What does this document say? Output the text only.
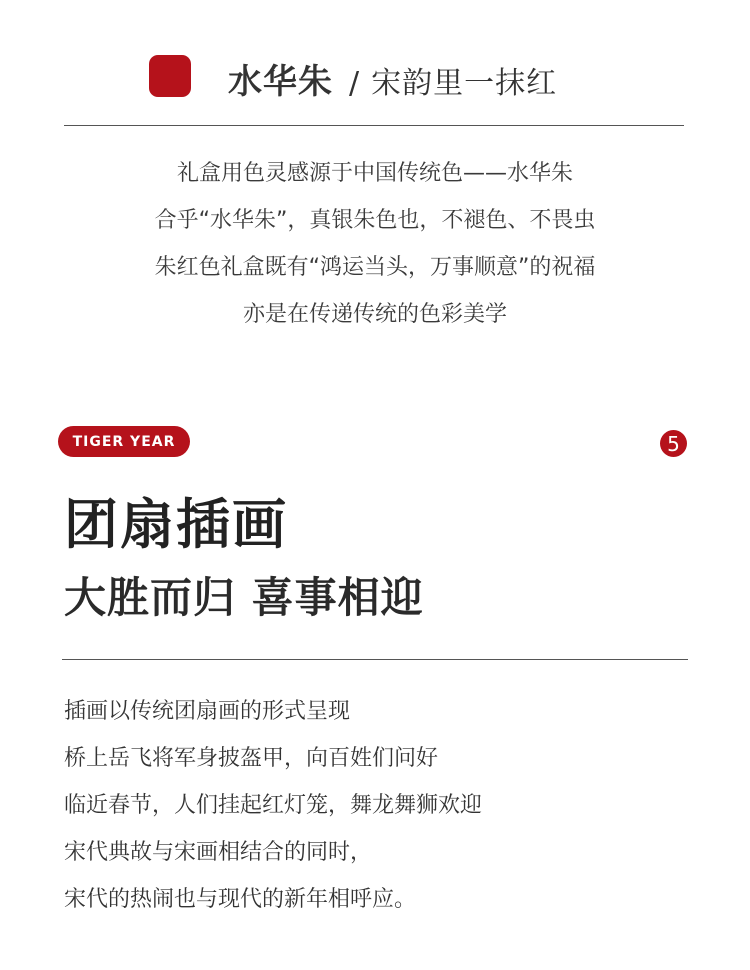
水华朱 / 宋韵里一抹红
礼盒用色灵感源于中国传统色——水华朱
合乎“水华朱”，真银朱色也，不褪色、不畏虫
朱红色礼盒既有“鸿运当头，万事顺意”的祝福
亦是在传递传统的色彩美学
TIGER YEAR	5
团扇插画
大胜而归 喜事相迎
插画以传统团扇画的形式呈现
桥上岳飞将军身披盔甲，向百姓们问好
临近春节，人们挂起红灯笼，舞龙舞狮欢迎
宋代典故与宋画相结合的同时，
宋代的热闹也与现代的新年相呼应。
